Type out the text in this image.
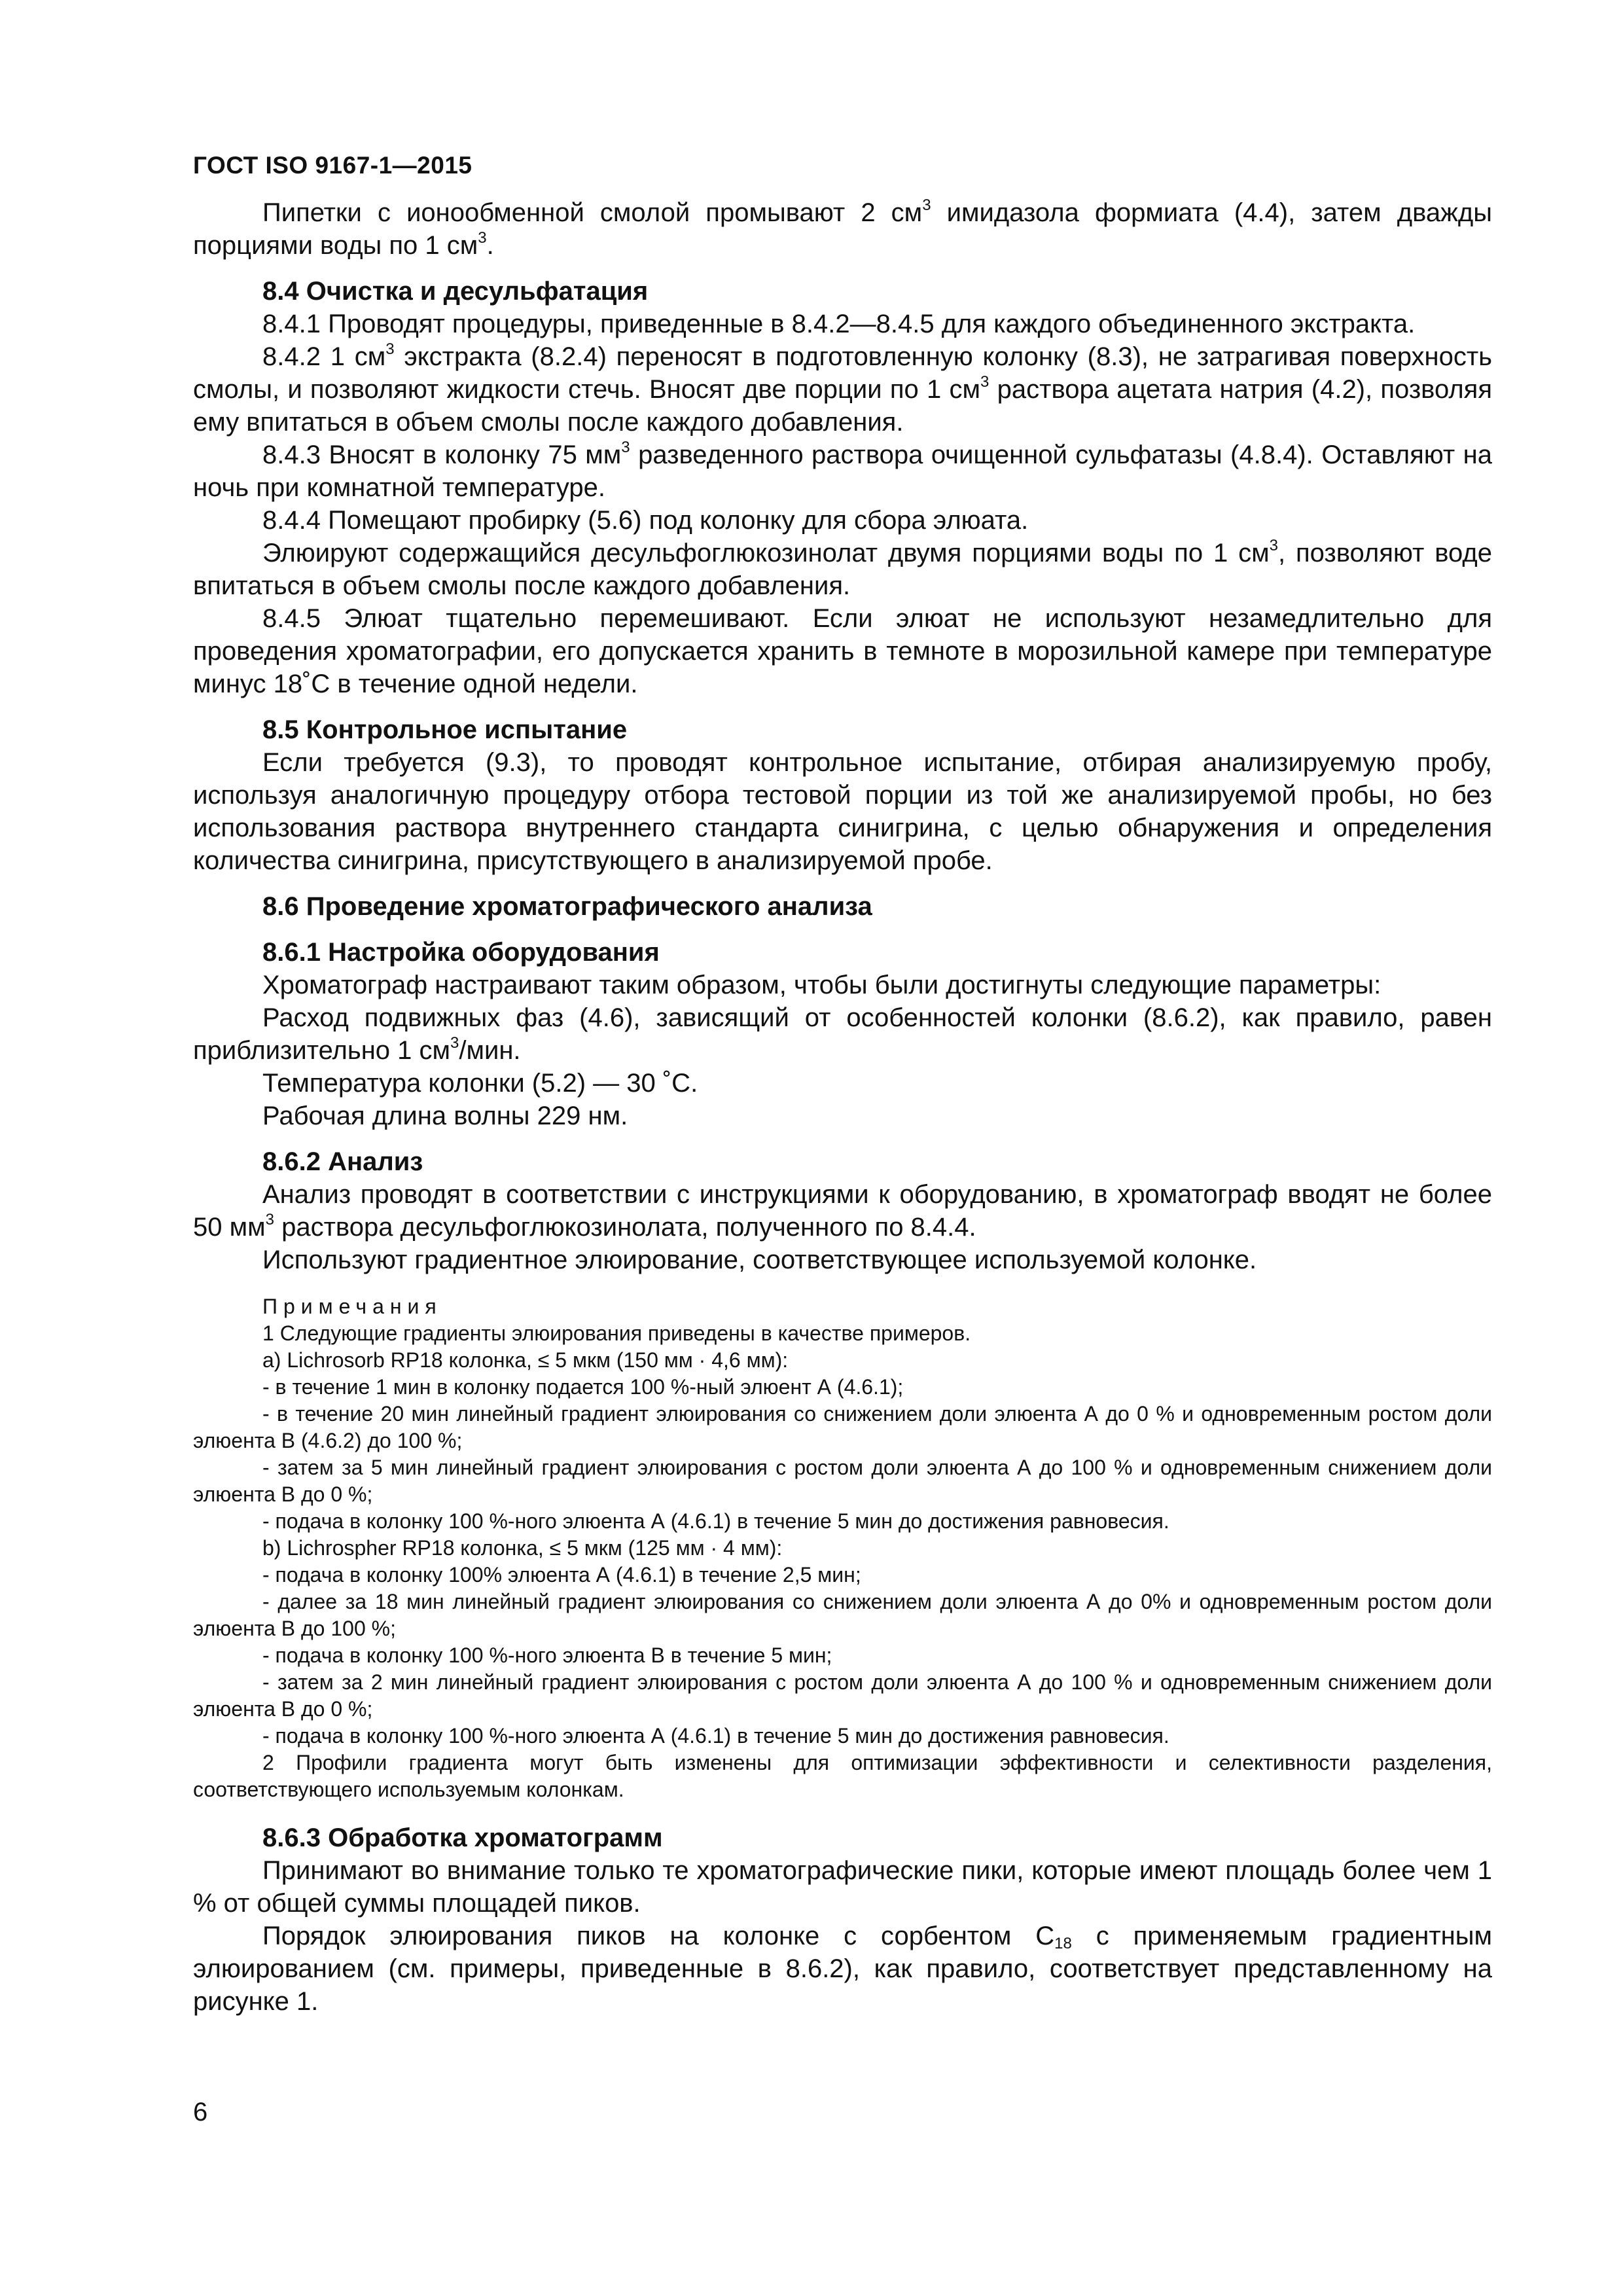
ГОСТ ISO 9167-1—2015

Пипетки с ионообменной смолой промывают 2 $см^3$ имидазола формиата (4.4), затем дважды порциями воды по 1 $см^3$.

8.4 Очистка и десульфатация

8.4.1 Проводят процедуры, приведенные в 8.4.2—8.4.5 для каждого объединенного экстракта.

8.4.2 1 $см^3$ экстракта (8.2.4) переносят в подготовленную колонку (8.3), не затрагивая поверхность смолы, и позволяют жидкости стечь. Вносят две порции по 1 $см^3$ раствора ацетата натрия (4.2), позволяя ему впитаться в объем смолы после каждого добавления.

8.4.3 Вносят в колонку 75 $мм^3$ разведенного раствора очищенной сульфатазы (4.8.4). Оставляют на ночь при комнатной температуре.

8.4.4 Помещают пробирку (5.6) под колонку для сбора элюата.

Элюируют содержащийся десульфоглюкозинолат двумя порциями воды по 1 $см^3$, позволяют воде впитаться в объем смолы после каждого добавления.

8.4.5 Элюат тщательно перемешивают. Если элюат не используют незамедлительно для проведения хроматографии, его допускается хранить в темноте в морозильной камере при температуре минус 18˚С в течение одной недели.

8.5 Контрольное испытание

Если требуется (9.3), то проводят контрольное испытание, отбирая анализируемую пробу, используя аналогичную процедуру отбора тестовой порции из той же анализируемой пробы, но без использования раствора внутреннего стандарта синигрина, с целью обнаружения и определения количества синигрина, присутствующего в анализируемой пробе.

8.6 Проведение хроматографического анализа

8.6.1 Настройка оборудования

Хроматограф настраивают таким образом, чтобы были достигнуты следующие параметры:

Расход подвижных фаз (4.6), зависящий от особенностей колонки (8.6.2), как правило, равен приблизительно 1 $см^3$/мин.

Температура колонки (5.2) — 30 ˚С.

Рабочая длина волны 229 нм.

8.6.2 Анализ

Анализ проводят в соответствии с инструкциями к оборудованию, в хроматограф вводят не более 50 $мм^3$ раствора десульфоглюкозинолата, полученного по 8.4.4.

Используют градиентное элюирование, соответствующее используемой колонке.

Примечания

1 Следующие градиенты элюирования приведены в качестве примеров.

a) Lichrosorb RP18 колонка, ≤ 5 мкм (150 мм · 4,6 мм):

- в течение 1 мин в колонку подается 100 %-ный элюент А (4.6.1);

- в течение 20 мин линейный градиент элюирования со снижением доли элюента А до 0 % и одновременным ростом доли элюента В (4.6.2) до 100 %;

- затем за 5 мин линейный градиент элюирования с ростом доли элюента А до 100 % и одновременным снижением доли элюента В до 0 %;

- подача в колонку 100 %-ного элюента А (4.6.1) в течение 5 мин до достижения равновесия.

b) Lichrospher RP18 колонка, ≤ 5 мкм (125 мм · 4 мм):

- подача в колонку 100% элюента А (4.6.1) в течение 2,5 мин;

- далее за 18 мин линейный градиент элюирования со снижением доли элюента А до 0% и одновременным ростом доли элюента В до 100 %;

- подача в колонку 100 %-ного элюента В в течение 5 мин;

- затем за 2 мин линейный градиент элюирования с ростом доли элюента А до 100 % и одновременным снижением доли элюента В до 0 %;

- подача в колонку 100 %-ного элюента А (4.6.1) в течение 5 мин до достижения равновесия.

2 Профили градиента могут быть изменены для оптимизации эффективности и селективности разделения, соответствующего используемым колонкам.

8.6.3 Обработка хроматограмм

Принимают во внимание только те хроматографические пики, которые имеют площадь более чем 1 % от общей суммы площадей пиков.

Порядок элюирования пиков на колонке с сорбентом $С_{18}$ с применяемым градиентным элюированием (см. примеры, приведенные в 8.6.2), как правило, соответствует представленному на рисунке 1.

6
